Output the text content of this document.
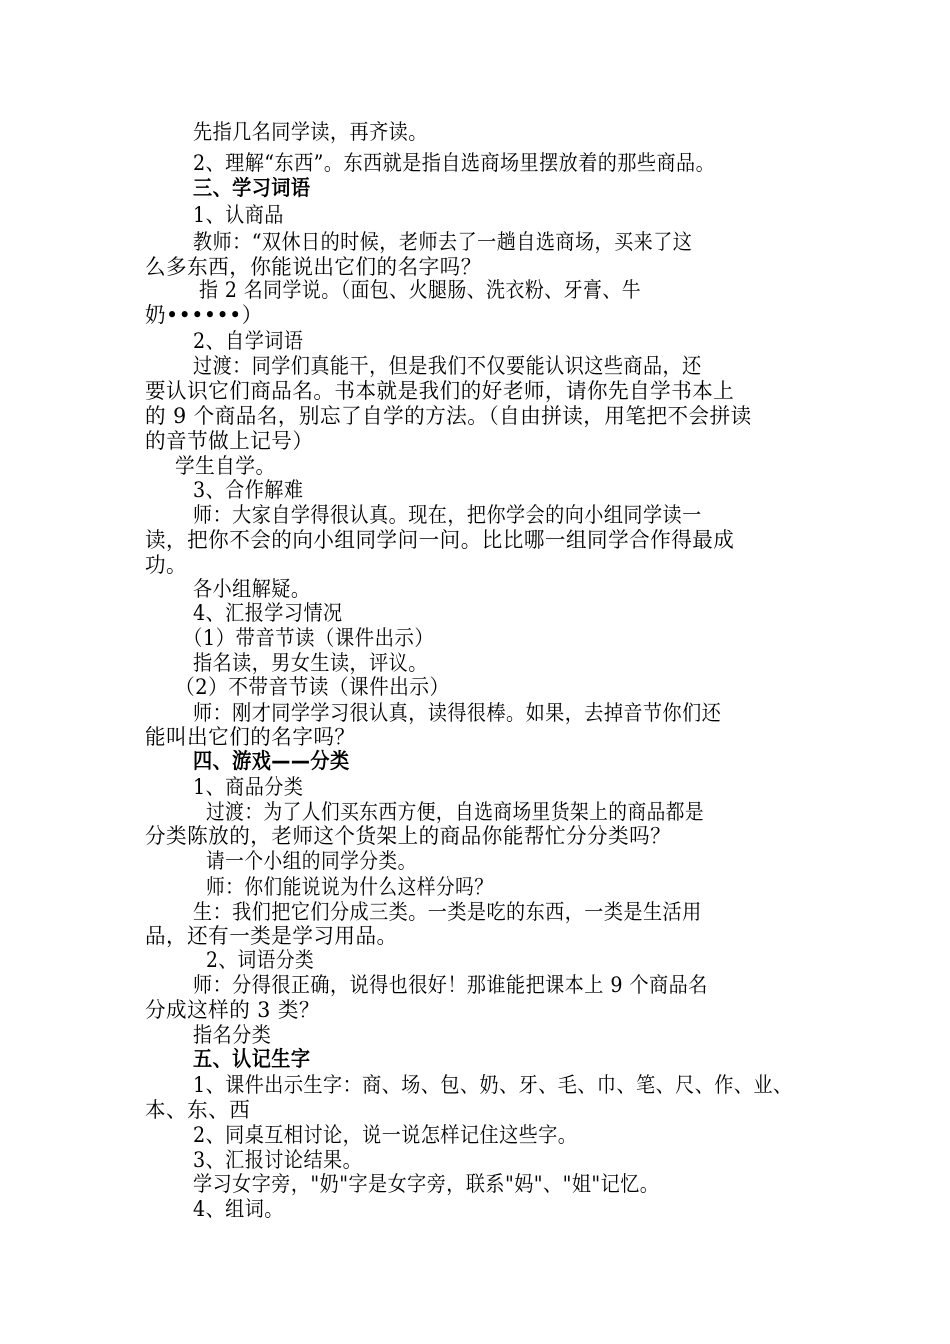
先指几名同学读，再齐读。
2、理解“东西”。东西就是指自选商场里摆放着的那些商品。
三、学习词语
1、认商品
教师：“双休日的时候，老师去了一趟自选商场，买来了这
么多东西，你能说出它们的名字吗？
指 2 名同学说。（面包、火腿肠、洗衣粉、牙膏、牛
奶••••••）
2、自学词语
过渡：同学们真能干，但是我们不仅要能认识这些商品，还
要认识它们商品名。书本就是我们的好老师，请你先自学书本上
的 9 个商品名，别忘了自学的方法。（自由拼读，用笔把不会拼读
的音节做上记号）
学生自学。
3、合作解难
师：大家自学得很认真。现在，把你学会的向小组同学读一
读，把你不会的向小组同学问一问。比比哪一组同学合作得最成
功。
各小组解疑。
4、汇报学习情况
（1）带音节读（课件出示）
指名读，男女生读，评议。
（2）不带音节读（课件出示）
师：刚才同学学习很认真，读得很棒。如果，去掉音节你们还
能叫出它们的名字吗？
四、游戏——分类
1、商品分类
过渡：为了人们买东西方便，自选商场里货架上的商品都是
分类陈放的，老师这个货架上的商品你能帮忙分分类吗？
请一个小组的同学分类。
师：你们能说说为什么这样分吗？
生：我们把它们分成三类。一类是吃的东西，一类是生活用
品，还有一类是学习用品。
2、词语分类
师：分得很正确，说得也很好！那谁能把课本上 9 个商品名
分成这样的 3 类？
指名分类
五、认记生字
1、课件出示生字：商、场、包、奶、牙、毛、巾、笔、尺、作、业、
本、东、西
2、同桌互相讨论，说一说怎样记住这些字。
3、汇报讨论结果。
学习女字旁，"奶"字是女字旁，联系"妈"、"姐"记忆。
4、组词。
